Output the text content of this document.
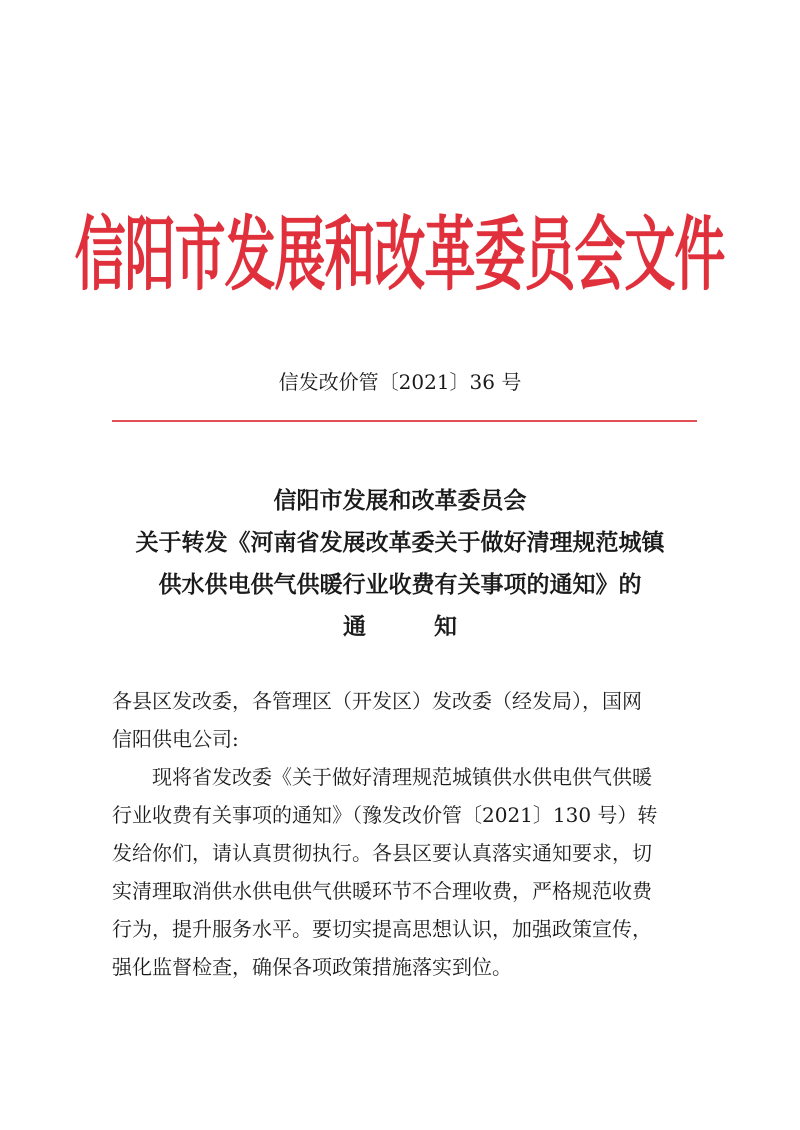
信阳市发展和改革委员会文件
信发改价管〔2021〕36 号
信阳市发展和改革委员会
关于转发《河南省发展改革委关于做好清理规范城镇
供水供电供气供暖行业收费有关事项的通知》的
通 知
各县区发改委，各管理区（开发区）发改委（经发局），国网
信阳供电公司:
现将省发改委《关于做好清理规范城镇供水供电供气供暖
行业收费有关事项的通知》（豫发改价管〔2021〕130 号）转
发给你们，请认真贯彻执行。各县区要认真落实通知要求，切
实清理取消供水供电供气供暖环节不合理收费，严格规范收费
行为，提升服务水平。要切实提高思想认识，加强政策宣传，
强化监督检查，确保各项政策措施落实到位。
